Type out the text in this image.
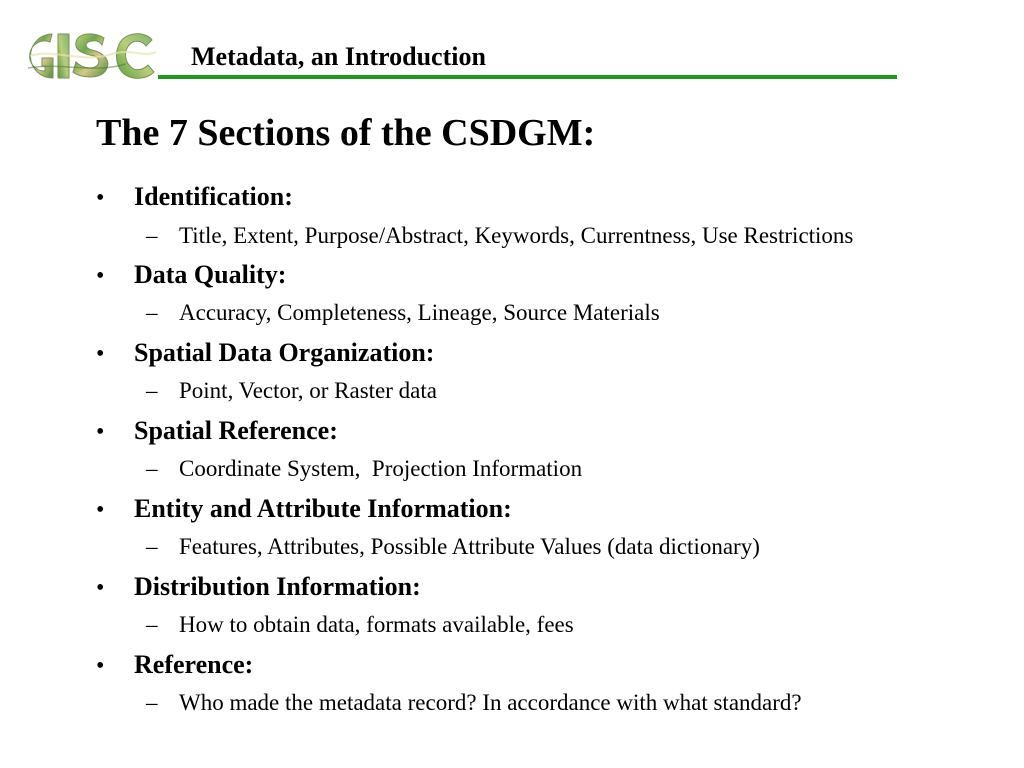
Metadata, an Introduction
The 7 Sections of the CSDGM:
• Identification:
– Title, Extent, Purpose/Abstract, Keywords, Currentness, Use Restrictions
• Data Quality:
– Accuracy, Completeness, Lineage, Source Materials
• Spatial Data Organization:
– Point, Vector, or Raster data
• Spatial Reference:
– Coordinate System,  Projection Information
• Entity and Attribute Information:
– Features, Attributes, Possible Attribute Values (data dictionary)
• Distribution Information:
– How to obtain data, formats available, fees
• Reference:
– Who made the metadata record? In accordance with what standard?
